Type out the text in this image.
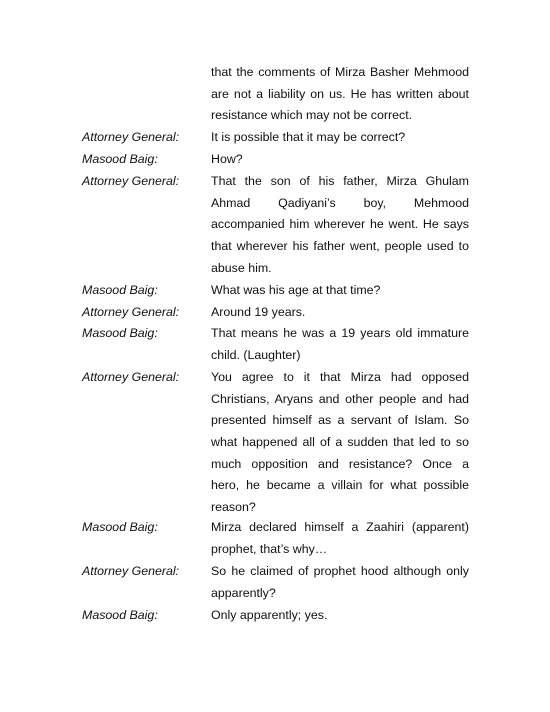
that the comments of Mirza Basher Mehmood
are not a liability on us. He has written about
resistance which may not be correct.
Attorney General:	It is possible that it may be correct?
Masood Baig:	How?
Attorney General:	That the son of his father, Mirza Ghulam
Ahmad Qadiyani’s boy, Mehmood
accompanied him wherever he went. He says
that wherever his father went, people used to
abuse him.
Masood Baig:	What was his age at that time?
Attorney General:	Around 19 years.
Masood Baig:	That means he was a 19 years old immature
child. (Laughter)
Attorney General:	You agree to it that Mirza had opposed
Christians, Aryans and other people and had
presented himself as a servant of Islam. So
what happened all of a sudden that led to so
much opposition and resistance? Once a
hero, he became a villain for what possible
reason?
Masood Baig:	Mirza declared himself a Zaahiri (apparent)
prophet, that’s why…
Attorney General:	So he claimed of prophet hood although only
apparently?
Masood Baig:	Only apparently; yes.
